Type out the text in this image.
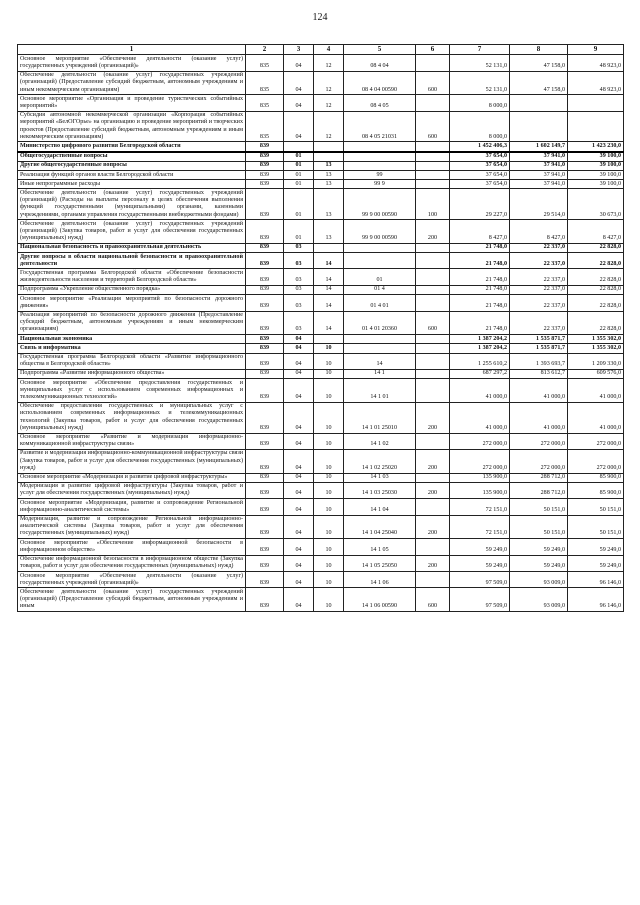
124
1	2	3	4	5	6	7	8	9
Основное мероприятие «Обеспечение деятельности (оказание услуг) государственных учреждений (организаций)»	835	04	12	08 4 04		52 131,0	47 158,0	48 923,0
Обеспечение деятельности (оказание услуг) государственных учреждений (организаций) (Предоставление субсидий бюджетным, автономным учреждениям и иным некоммерческим организациям)	835	04	12	08 4 04 00590	600	52 131,0	47 158,0	48 923,0
Основное мероприятие «Организация и проведение туристических событийных мероприятий»	835	04	12	08 4 05		8 000,0		
Субсидия автономной некоммерческой организации «Корпорация событийных мероприятий «БелОГОрье» на организацию и проведение мероприятий и творческих проектов (Предоставление субсидий бюджетным, автономным учреждениям и иным некоммерческим организациям)	835	04	12	08 4 05 21031	600	8 000,0		
Министерство цифрового развития Белгородской области	839					1 452 406,3	1 602 149,7	1 423 230,0
Общегосударственные вопросы	839	01				37 654,0	37 941,0	39 100,0
Другие общегосударственные вопросы	839	01	13			37 654,0	37 941,0	39 100,0
Реализация функций органов власти Белгородской области	839	01	13	99		37 654,0	37 941,0	39 100,0
Иные непрограммные расходы	839	01	13	99 9		37 654,0	37 941,0	39 100,0
Обеспечение деятельности (оказание услуг) государственных учреждений (организаций) (Расходы на выплаты персоналу в целях обеспечения выполнения функций государственными (муниципальными) органами, казенными учреждениями, органами управления государственными внебюджетными фондами)	839	01	13	99 9 00 00590	100	29 227,0	29 514,0	30 673,0
Обеспечение деятельности (оказание услуг) государственных учреждений (организаций) (Закупка товаров, работ и услуг для обеспечения государственных (муниципальных) нужд)	839	01	13	99 9 00 00590	200	8 427,0	8 427,0	8 427,0
Национальная безопасность и правоохранительная деятельность	839	03				21 748,0	22 337,0	22 828,0
Другие вопросы в области национальной безопасности и правоохранительной деятельности	839	03	14			21 748,0	22 337,0	22 828,0
Государственная программа Белгородской области «Обеспечение безопасности жизнедеятельности населения и территорий Белгородской области»	839	03	14	01		21 748,0	22 337,0	22 828,0
Подпрограмма «Укрепление общественного порядка»	839	03	14	01 4		21 748,0	22 337,0	22 828,0
Основное мероприятие «Реализация мероприятий по безопасности дорожного движения»	839	03	14	01 4 01		21 748,0	22 337,0	22 828,0
Реализация мероприятий по безопасности дорожного движения (Предоставление субсидий бюджетным, автономным учреждениям и иным некоммерческим организациям)	839	03	14	01 4 01 20360	600	21 748,0	22 337,0	22 828,0
Национальная экономика	839	04				1 387 204,2	1 535 871,7	1 355 302,0
Связь и информатика	839	04	10			1 387 204,2	1 535 871,7	1 355 302,0
Государственная программа Белгородской области «Развитие информационного общества в Белгородской области»	839	04	10	14		1 255 610,2	1 393 693,7	1 209 330,0
Подпрограмма «Развитие информационного общества»	839	04	10	14 1		687 297,2	813 612,7	609 576,0
Основное мероприятие «Обеспечение предоставления государственных и муниципальных услуг с использованием современных информационных и телекоммуникационных технологий»	839	04	10	14 1 01		41 000,0	41 000,0	41 000,0
Обеспечение предоставления государственных и муниципальных услуг с использованием современных информационных и телекоммуникационных технологий (Закупка товаров, работ и услуг для обеспечения государственных (муниципальных) нужд)	839	04	10	14 1 01 25010	200	41 000,0	41 000,0	41 000,0
Основное мероприятие «Развитие и модернизация информационно-коммуникационной инфраструктуры связи»	839	04	10	14 1 02		272 000,0	272 000,0	272 000,0
Развитие и модернизация информационно-коммуникационной инфраструктуры связи (Закупка товаров, работ и услуг для обеспечения государственных (муниципальных) нужд)	839	04	10	14 1 02 25020	200	272 000,0	272 000,0	272 000,0
Основное мероприятие «Модернизация и развитие цифровой инфраструктуры»	839	04	10	14 1 03		135 900,0	288 712,0	85 900,0
Модернизация и развитие цифровой инфраструктуры (Закупка товаров, работ и услуг для обеспечения государственных (муниципальных) нужд)	839	04	10	14 1 03 25030	200	135 900,0	288 712,0	85 900,0
Основное мероприятие «Модернизация, развитие и сопровождение Региональной информационно-аналитической системы»	839	04	10	14 1 04		72 151,0	50 151,0	50 151,0
Модернизация, развитие и сопровождение Региональной информационно-аналитической системы (Закупка товаров, работ и услуг для обеспечения государственных (муниципальных) нужд)	839	04	10	14 1 04 25040	200	72 151,0	50 151,0	50 151,0
Основное мероприятие «Обеспечение информационной безопасности в информационном обществе»	839	04	10	14 1 05		59 249,0	59 249,0	59 249,0
Обеспечение информационной безопасности в информационном обществе (Закупка товаров, работ и услуг для обеспечения государственных (муниципальных) нужд)	839	04	10	14 1 05 25050	200	59 249,0	59 249,0	59 249,0
Основное мероприятие «Обеспечение деятельности (оказание услуг) государственных учреждений (организаций)»	839	04	10	14 1 06		97 509,0	93 009,0	96 146,0
Обеспечение деятельности (оказание услуг) государственных учреждений (организаций) (Предоставление субсидий бюджетным, автономным учреждениям и иным	839	04	10	14 1 06 00590	600	97 509,0	93 009,0	96 146,0
